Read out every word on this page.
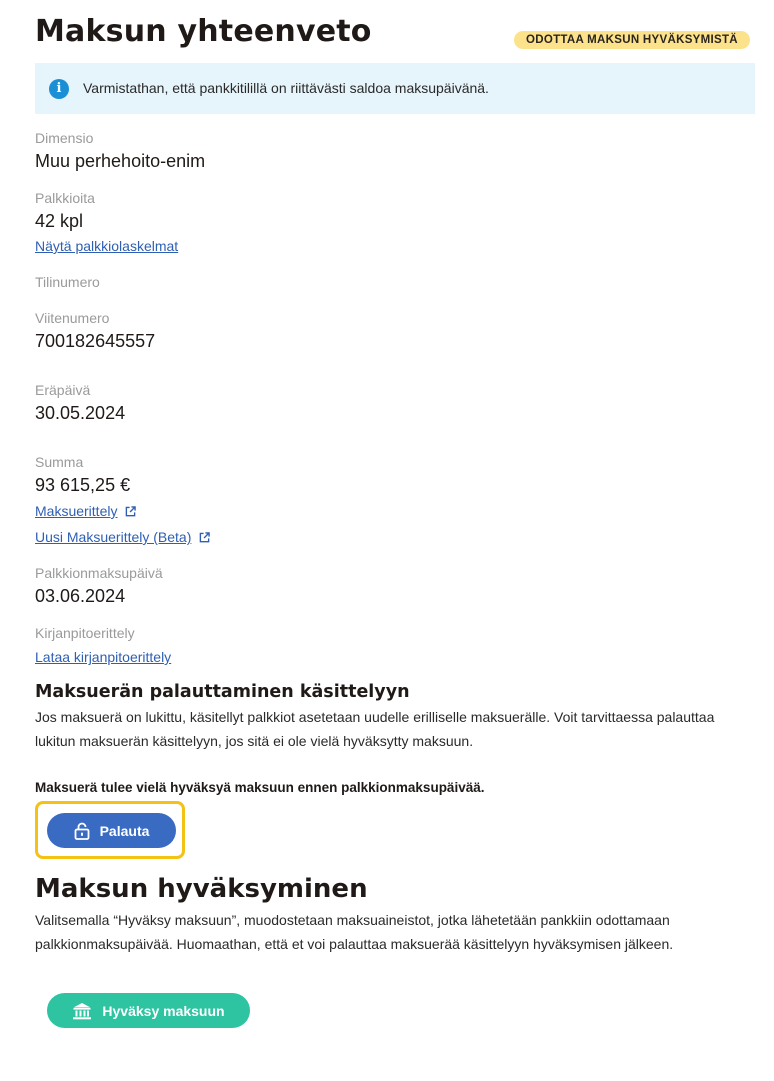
Maksun yhteenveto	ODOTTAA MAKSUN HYVÄKSYMISTÄ
i	Varmistathan, että pankkitilillä on riittävästi saldoa maksupäivänä.
Dimensio
Muu perhehoito-enim
Palkkioita
42 kpl
Näytä palkkiolaskelmat
Tilinumero
Viitenumero
700182645557
Eräpäivä
30.05.2024
Summa
93 615,25 €
Maksuerittely
Uusi Maksuerittely (Beta)
Palkkionmaksupäivä
03.06.2024
Kirjanpitoerittely
Lataa kirjanpitoerittely
Maksuerän palauttaminen käsittelyyn
Jos maksuerä on lukittu, käsitellyt palkkiot asetetaan uudelle erilliselle maksuerälle. Voit tarvittaessa palauttaa lukitun maksuerän käsittelyyn, jos sitä ei ole vielä hyväksytty maksuun.
Maksuerä tulee vielä hyväksyä maksuun ennen palkkionmaksupäivää.
Palauta
Maksun hyväksyminen
Valitsemalla “Hyväksy maksuun”, muodostetaan maksuaineistot, jotka lähetetään pankkiin odottamaan palkkionmaksupäivää. Huomaathan, että et voi palauttaa maksuerää käsittelyyn hyväksymisen jälkeen.
Hyväksy maksuun
